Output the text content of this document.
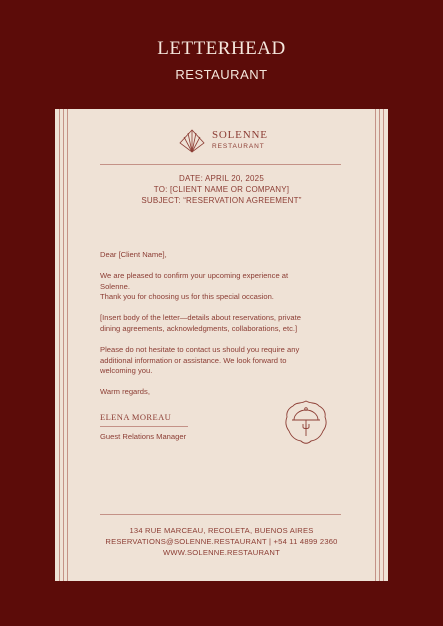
LETTERHEAD
RESTAURANT
SOLENNE
RESTAURANT
DATE: APRIL 20, 2025
TO: [CLIENT NAME OR COMPANY]
SUBJECT: “RESERVATION AGREEMENT”
Dear [Client Name],
We are pleased to confirm your upcoming experience at
Solenne.
Thank you for choosing us for this special occasion.
[Insert body of the letter—details about reservations, private
dining agreements, acknowledgments, collaborations, etc.]
Please do not hesitate to contact us should you require any
additional information or assistance. We look forward to
welcoming you.
Warm regards,
ELENA MOREAU
Guest Relations Manager
134 RUE MARCEAU, RECOLETA, BUENOS AIRES
RESERVATIONS@SOLENNE.RESTAURANT | +54 11 4899 2360
WWW.SOLENNE.RESTAURANT
